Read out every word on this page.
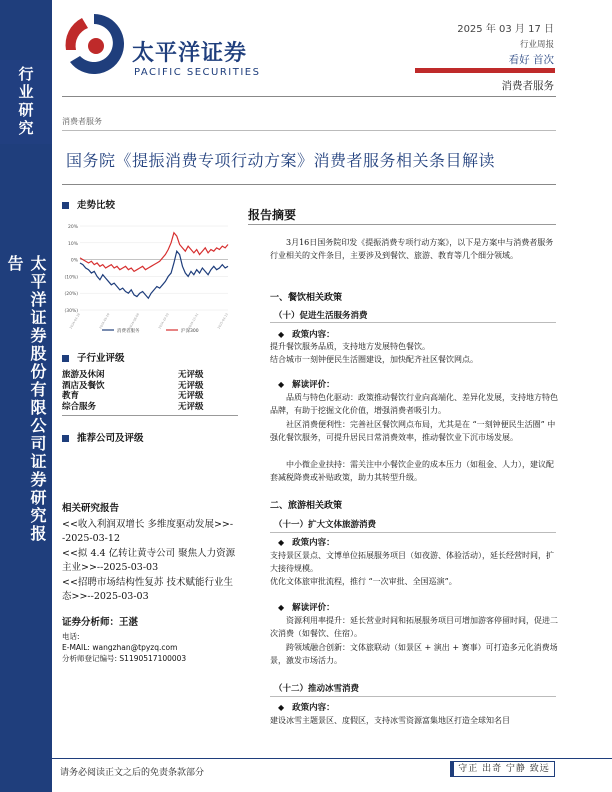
行业研究
太平洋证券股份有限公司证券研究报告
太平洋证券
PACIFIC SECURITIES
2025 年 03 月 17 日
行业周报
看好 首次
消费者服务
消费者服务
国务院《提振消费专项行动方案》消费者服务相关条目解读
走势比较
20%
10%
0%
(10%)
(20%)
(30%)
2024-03-18	2024-05-29	2024-08-09	2024-10-20	2024-12-31	2025-03-13
消费者服务	沪深300
子行业评级
旅游及休闲	无评级
酒店及餐饮	无评级
教育	无评级
综合服务	无评级
推荐公司及评级
相关研究报告

<<收入利润双增长 多维度驱动发展>>--2025-03-12

<<拟 4.4 亿转让黄寺公司 聚焦人力资源主业>>--2025-03-03

<<招聘市场结构性复苏 技术赋能行业生态>>--2025-03-03

证券分析师：王湛
电话:
E-MAIL: wangzhan@tpyzq.com
分析师登记编号: S1190517100003
报告摘要
3月16日国务院印发《提振消费专项行动方案》，以下是方案中与消费者服务行业相关的文件条目，主要涉及到餐饮、旅游、教育等几个细分领域。
一、餐饮相关政策
（十）促进生活服务消费
◆ 政策内容：
提升餐饮服务品质，支持地方发展特色餐饮。
结合城市一刻钟便民生活圈建设，加快配齐社区餐饮网点。
◆ 解读评价：
品质与特色化驱动：政策推动餐饮行业向高端化、差异化发展，支持地方特色品牌，有助于挖掘文化价值，增强消费者吸引力。
社区消费便利性：完善社区餐饮网点布局，尤其是在 “一刻钟便民生活圈” 中强化餐饮服务，可提升居民日常消费效率，推动餐饮业下沉市场发展。
中小微企业扶持：需关注中小餐饮企业的成本压力（如租金、人力），建议配套减税降费或补贴政策，助力其转型升级。
二、旅游相关政策
（十一）扩大文体旅游消费
◆ 政策内容：
支持景区景点、文博单位拓展服务项目（如夜游、体验活动），延长经营时间，扩大接待规模。
优化文体旅审批流程，推行 “一次审批、全国巡演”。
◆ 解读评价：
资源利用率提升：延长营业时间和拓展服务项目可增加游客停留时间，促进二次消费（如餐饮、住宿）。
跨领域融合创新：文体旅联动（如景区 + 演出 + 赛事）可打造多元化消费场景，激发市场活力。
（十二）推动冰雪消费
◆ 政策内容：
建设冰雪主题景区、度假区，支持冰雪资源富集地区打造全球知名目
请务必阅读正文之后的免责条款部分	守正 出奇 宁静 致远
